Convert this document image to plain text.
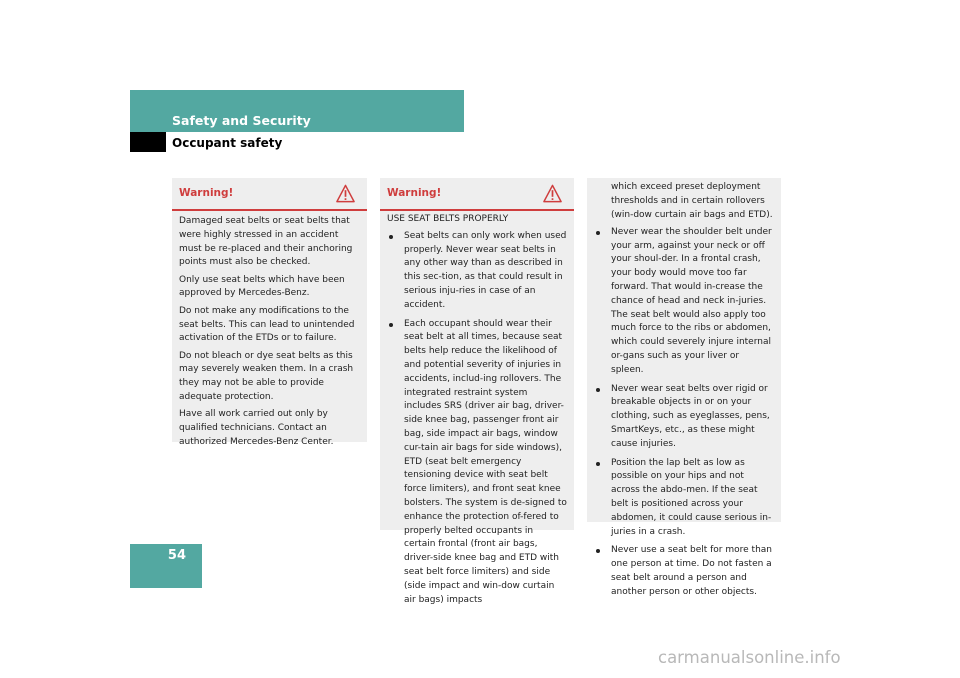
Safety and Security
Occupant safety
Warning!

Damaged seat belts or seat belts that were highly stressed in an accident must be re-placed and their anchoring points must also be checked.

Only use seat belts which have been approved by Mercedes-Benz.

Do not make any modifications to the seat belts. This can lead to unintended activation of the ETDs or to failure.

Do not bleach or dye seat belts as this may severely weaken them. In a crash they may not be able to provide adequate protection.

Have all work carried out only by qualified technicians. Contact an authorized Mercedes-Benz Center.

Warning!

USE SEAT BELTS PROPERLY

Seat belts can only work when used properly. Never wear seat belts in any other way than as described in this sec-tion, as that could result in serious inju-ries in case of an accident.
Each occupant should wear their seat belt at all times, because seat belts help reduce the likelihood of and potential severity of injuries in accidents, includ-ing rollovers. The integrated restraint system includes SRS (driver air bag, driver-side knee bag, passenger front air bag, side impact air bags, window cur-tain air bags for side windows), ETD (seat belt emergency tensioning device with seat belt force limiters), and front seat knee bolsters. The system is de-signed to enhance the protection of-fered to properly belted occupants in certain frontal (front air bags, driver-side knee bag and ETD with seat belt force limiters) and side (side impact and win-dow curtain air bags) impacts

which exceed preset deployment thresholds and in certain rollovers (win-dow curtain air bags and ETD).

Never wear the shoulder belt under your arm, against your neck or off your shoul-der. In a frontal crash, your body would move too far forward. That would in-crease the chance of head and neck in-juries. The seat belt would also apply too much force to the ribs or abdomen, which could severely injure internal or-gans such as your liver or spleen.
Never wear seat belts over rigid or breakable objects in or on your clothing, such as eyeglasses, pens, SmartKeys, etc., as these might cause injuries.
Position the lap belt as low as possible on your hips and not across the abdo-men. If the seat belt is positioned across your abdomen, it could cause serious in-juries in a crash.
Never use a seat belt for more than one person at time. Do not fasten a seat belt around a person and another person or other objects.
54
carmanualsonline.info
